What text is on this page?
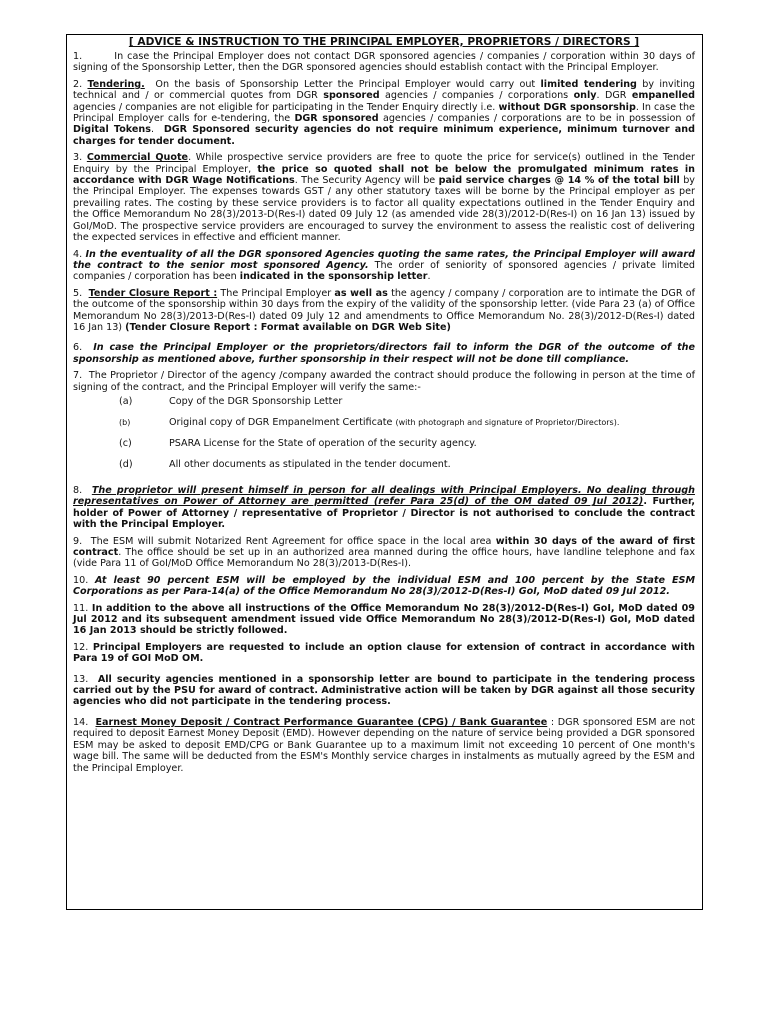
[ ADVICE & INSTRUCTION TO THE PRINCIPAL EMPLOYER, PROPRIETORS / DIRECTORS ]
1.	In case the Principal Employer does not contact DGR sponsored agencies / companies / corporation within 30 days of signing of the Sponsorship Letter, then the DGR sponsored agencies should establish contact with the Principal Employer.
2. Tendering. On the basis of Sponsorship Letter the Principal Employer would carry out limited tendering by inviting technical and / or commercial quotes from DGR sponsored agencies / companies / corporations only. DGR empanelled agencies / companies are not eligible for participating in the Tender Enquiry directly i.e. without DGR sponsorship. In case the Principal Employer calls for e-tendering, the DGR sponsored agencies / companies / corporations are to be in possession of Digital Tokens. DGR Sponsored security agencies do not require minimum experience, minimum turnover and charges for tender document.
3. Commercial Quote. While prospective service providers are free to quote the price for service(s) outlined in the Tender Enquiry by the Principal Employer, the price so quoted shall not be below the promulgated minimum rates in accordance with DGR Wage Notifications. The Security Agency will be paid service charges @ 14 % of the total bill by the Principal Employer. The expenses towards GST / any other statutory taxes will be borne by the Principal employer as per prevailing rates. The costing by these service providers is to factor all quality expectations outlined in the Tender Enquiry and the Office Memorandum No 28(3)/2013-D(Res-I) dated 09 July 12 (as amended vide 28(3)/2012-D(Res-I) on 16 Jan 13) issued by GoI/MoD. The prospective service providers are encouraged to survey the environment to assess the realistic cost of delivering the expected services in effective and efficient manner.
4. In the eventuality of all the DGR sponsored Agencies quoting the same rates, the Principal Employer will award the contract to the senior most sponsored Agency. The order of seniority of sponsored agencies / private limited companies / corporation has been indicated in the sponsorship letter.
5. Tender Closure Report : The Principal Employer as well as the agency / company / corporation are to intimate the DGR of the outcome of the sponsorship within 30 days from the expiry of the validity of the sponsorship letter. (vide Para 23 (a) of Office Memorandum No 28(3)/2013-D(Res-I) dated 09 July 12 and amendments to Office Memorandum No. 28(3)/2012-D(Res-I) dated 16 Jan 13) (Tender Closure Report : Format available on DGR Web Site)
6. In case the Principal Employer or the proprietors/directors fail to inform the DGR of the outcome of the sponsorship as mentioned above, further sponsorship in their respect will not be done till compliance.
7. The Proprietor / Director of the agency /company awarded the contract should produce the following in person at the time of signing of the contract, and the Principal Employer will verify the same:-
(a)	Copy of the DGR Sponsorship Letter
(b)	Original copy of DGR Empanelment Certificate (with photograph and signature of Proprietor/Directors).
(c)	PSARA License for the State of operation of the security agency.
(d)	All other documents as stipulated in the tender document.
8. The proprietor will present himself in person for all dealings with Principal Employers. No dealing through representatives on Power of Attorney are permitted (refer Para 25(d) of the OM dated 09 Jul 2012). Further, holder of Power of Attorney / representative of Proprietor / Director is not authorised to conclude the contract with the Principal Employer.
9. The ESM will submit Notarized Rent Agreement for office space in the local area within 30 days of the award of first contract. The office should be set up in an authorized area manned during the office hours, have landline telephone and fax (vide Para 11 of GoI/MoD Office Memorandum No 28(3)/2013-D(Res-I).
10. At least 90 percent ESM will be employed by the individual ESM and 100 percent by the State ESM Corporations as per Para-14(a) of the Office Memorandum No 28(3)/2012-D(Res-I) GoI, MoD dated 09 Jul 2012.
11. In addition to the above all instructions of the Office Memorandum No 28(3)/2012-D(Res-I) GoI, MoD dated 09 Jul 2012 and its subsequent amendment issued vide Office Memorandum No 28(3)/2012-D(Res-I) GoI, MoD dated 16 Jan 2013 should be strictly followed.
12. Principal Employers are requested to include an option clause for extension of contract in accordance with Para 19 of GOI MoD OM.
13. All security agencies mentioned in a sponsorship letter are bound to participate in the tendering process carried out by the PSU for award of contract. Administrative action will be taken by DGR against all those security agencies who did not participate in the tendering process.
14. Earnest Money Deposit / Contract Performance Guarantee (CPG) / Bank Guarantee : DGR sponsored ESM are not required to deposit Earnest Money Deposit (EMD). However depending on the nature of service being provided a DGR sponsored ESM may be asked to deposit EMD/CPG or Bank Guarantee up to a maximum limit not exceeding 10 percent of One month's wage bill. The same will be deducted from the ESM's Monthly service charges in instalments as mutually agreed by the ESM and the Principal Employer.
